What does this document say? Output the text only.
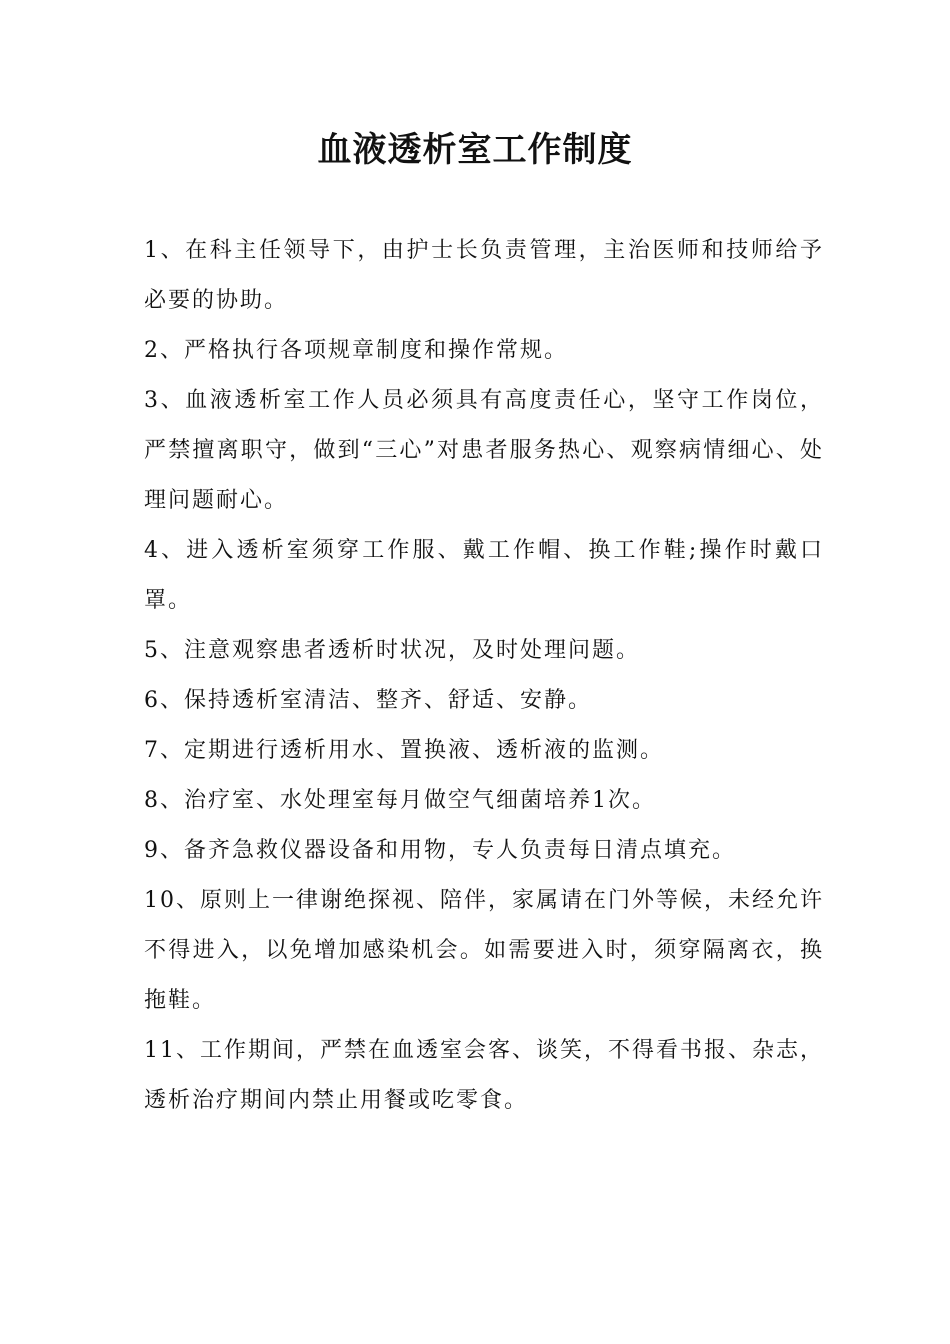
血液透析室工作制度
1、在科主任领导下，由护士长负责管理，主治医师和技师给予必要的协助。
2、严格执行各项规章制度和操作常规。
3、血液透析室工作人员必须具有高度责任心，坚守工作岗位，严禁擅离职守，做到“三心”对患者服务热心、观察病情细心、处理问题耐心。
4、进入透析室须穿工作服、戴工作帽、换工作鞋;操作时戴口罩。
5、注意观察患者透析时状况，及时处理问题。
6、保持透析室清洁、整齐、舒适、安静。
7、定期进行透析用水、置换液、透析液的监测。
8、治疗室、水处理室每月做空气细菌培养1次。
9、备齐急救仪器设备和用物，专人负责每日清点填充。
10、原则上一律谢绝探视、陪伴，家属请在门外等候，未经允许不得进入，以免增加感染机会。如需要进入时，须穿隔离衣，换拖鞋。
11、工作期间，严禁在血透室会客、谈笑，不得看书报、杂志，透析治疗期间内禁止用餐或吃零食。
